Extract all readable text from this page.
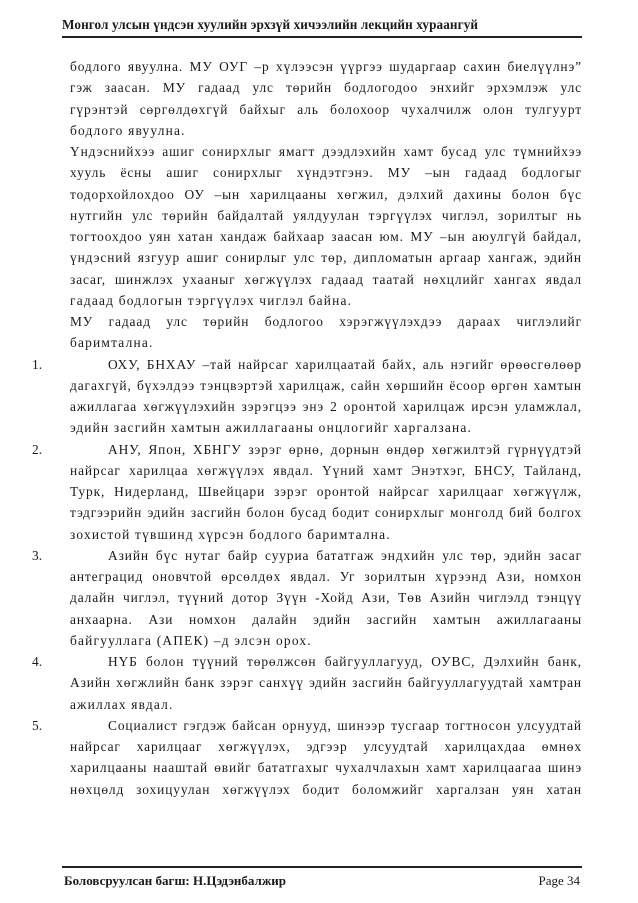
Монгол улсын үндсэн хуулийн эрхзүй хичээлийн лекцийн хураангуй
бодлого явуулна. МУ ОУГ –р хүлээсэн үүргээ шударгаар сахин биелүүлнэ”
гэж заасан. МУ гадаад улс төрийн бодлогодоо энхийг эрхэмлэж улс
гүрэнтэй сөргөлдөхгүй байхыг аль болохоор чухалчилж олон тулгуурт
бодлого явуулна.
Үндэснийхээ ашиг сонирхлыг ямагт дээдлэхийн хамт бусад улс түмнийхээ
хууль ёсны ашиг сонирхлыг хүндэтгэнэ. МУ –ын гадаад бодлогыг
тодорхойлохдоо ОУ –ын харилцааны хөгжил, дэлхий дахины болон бүс
нутгийн улс төрийн байдалтай уялдуулан тэргүүлэх чиглэл, зорилтыг нь
тогтоохдоо уян хатан хандаж байхаар заасан юм. МУ –ын аюулгүй байдал,
үндэсний язгуур ашиг сонирлыг улс төр, дипломатын аргаар хангаж, эдийн
засаг, шинжлэх ухааныг хөгжүүлэх гадаад таатай нөхцлийг хангах явдал
гадаад бодлогын тэргүүлэх чиглэл байна.
МУ гадаад улс төрийн бодлогоо хэрэгжүүлэхдээ дараах чиглэлийг
баримтална.
1.	ОХУ, БНХАУ –тай найрсаг харилцаатай байх, аль нэгийг өрөөсгөлөөр
дагахгүй, бүхэлдээ тэнцвэртэй харилцаж, сайн хөршийн ёсоор өргөн хамтын
ажиллагаа хөгжүүлэхийн зэрэгцээ энэ 2 оронтой харилцаж ирсэн уламжлал,
эдийн засгийн хамтын ажиллагааны онцлогийг харгалзана.
2.	АНУ, Япон, ХБНГУ зэрэг өрнө, дорнын өндөр хөгжилтэй гүрнүүдтэй
найрсаг харилцаа хөгжүүлэх явдал. Үүний хамт Энэтхэг, БНСУ, Тайланд,
Турк, Нидерланд, Швейцари зэрэг оронтой найрсаг харилцааг хөгжүүлж,
тэдгээрийн эдийн засгийн болон бусад бодит сонирхлыг монголд бий болгох
зохистой түвшинд хүрсэн бодлого баримтална.
3.	Азийн бүс нутаг байр сууриа бататгаж эндхийн улс төр, эдийн засаг
антеграцид оновчтой өрсөлдөх явдал. Уг зорилтын хүрээнд Ази, номхон
далайн чиглэл, түүний дотор Зүүн -Хойд Ази, Төв Азийн чиглэлд тэнцүү
анхаарна. Ази номхон далайн эдийн засгийн хамтын ажиллагааны
байгууллага (АПЕК) –д элсэн орох.
4.	НҮБ болон түүний төрөлжсөн байгууллагууд, ОУВС, Дэлхийн банк,
Азийн хөгжлийн банк зэрэг санхүү эдийн засгийн байгууллагуудтай хамтран
ажиллах явдал.
5.	Социалист гэгдэж байсан орнууд, шинээр тусгаар тогтносон улсуудтай
найрсаг харилцааг хөгжүүлэх, эдгээр улсуудтай харилцахдаа өмнөх
харилцааны нааштай өвийг бататгахыг чухалчлахын хамт харилцаагаа шинэ
нөхцөлд зохицуулан хөгжүүлэх бодит боломжийг харгалзан уян хатан
Боловсруулсан багш: Н.Цэдэнбалжир	Page 34
